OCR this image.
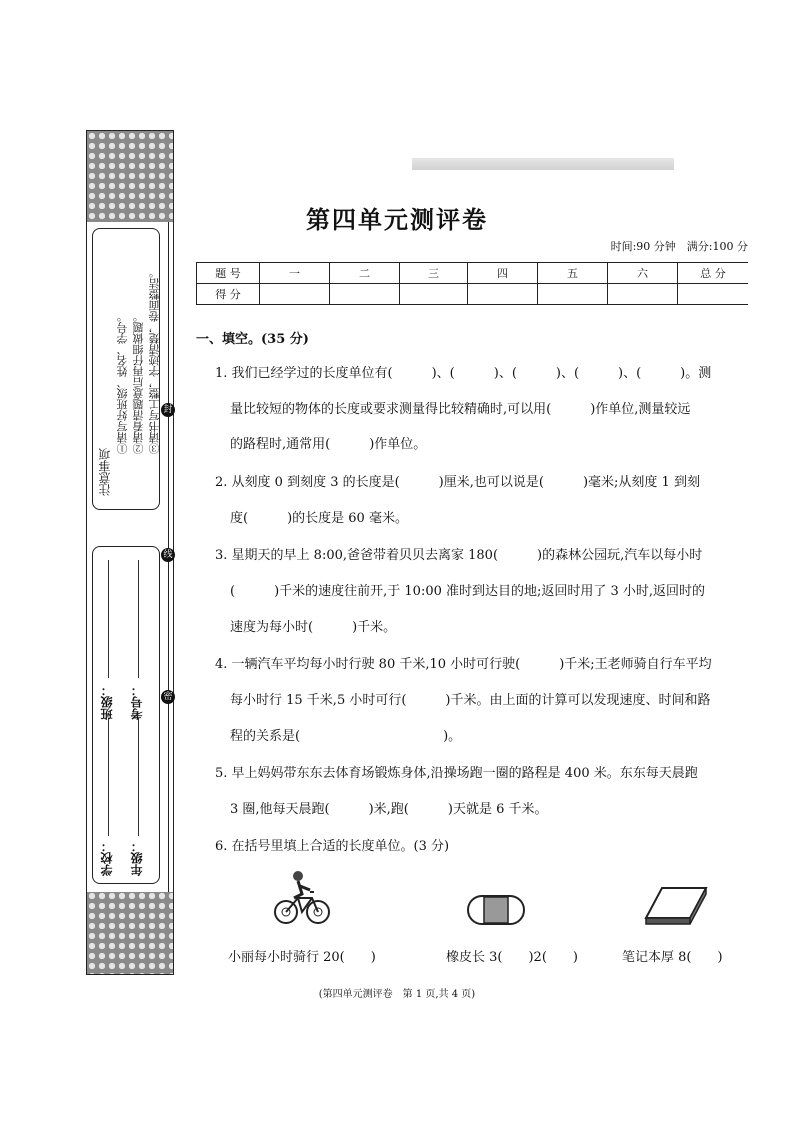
注意事项
①请写好班级、姓名、学号。 ②请看清题意后再仔细做题。 ③请书写工整，字迹清楚，卷面整洁。 封
线
密
学校：
班级：
年级：
考号：
第四单元测评卷
时间:90 分钟　满分:100 分
题 号	一	二	三	四	五	六	总 分
得 分							
一、填空。(35 分)
1. 我们已经学过的长度单位有(　　　)、(　　　)、(　　　)、(　　　)、(　　　)。测
量比较短的物体的长度或要求测量得比较精确时,可以用(　　　)作单位,测量较远
的路程时,通常用(　　　)作单位。
2. 从刻度 0 到刻度 3 的长度是(　　　)厘米,也可以说是(　　　)毫米;从刻度 1 到刻
度(　　　)的长度是 60 毫米。
3. 星期天的早上 8:00,爸爸带着贝贝去离家 180(　　　)的森林公园玩,汽车以每小时
(　　　)千米的速度往前开,于 10:00 准时到达目的地;返回时用了 3 小时,返回时的
速度为每小时(　　　)千米。
4. 一辆汽车平均每小时行驶 80 千米,10 小时可行驶(　　　)千米;王老师骑自行车平均
每小时行 15 千米,5 小时可行(　　　)千米。由上面的计算可以发现速度、时间和路
程的关系是(　　　　　　　　　　　)。
5. 早上妈妈带东东去体育场锻炼身体,沿操场跑一圈的路程是 400 米。东东每天晨跑
3 圈,他每天晨跑(　　　)米,跑(　　　)天就是 6 千米。
6. 在括号里填上合适的长度单位。(3 分)
小丽每小时骑行 20(　　)	橡皮长 3(　　)2(　　)	笔记本厚 8(　　)
(第四单元测评卷　第 1 页,共 4 页)
